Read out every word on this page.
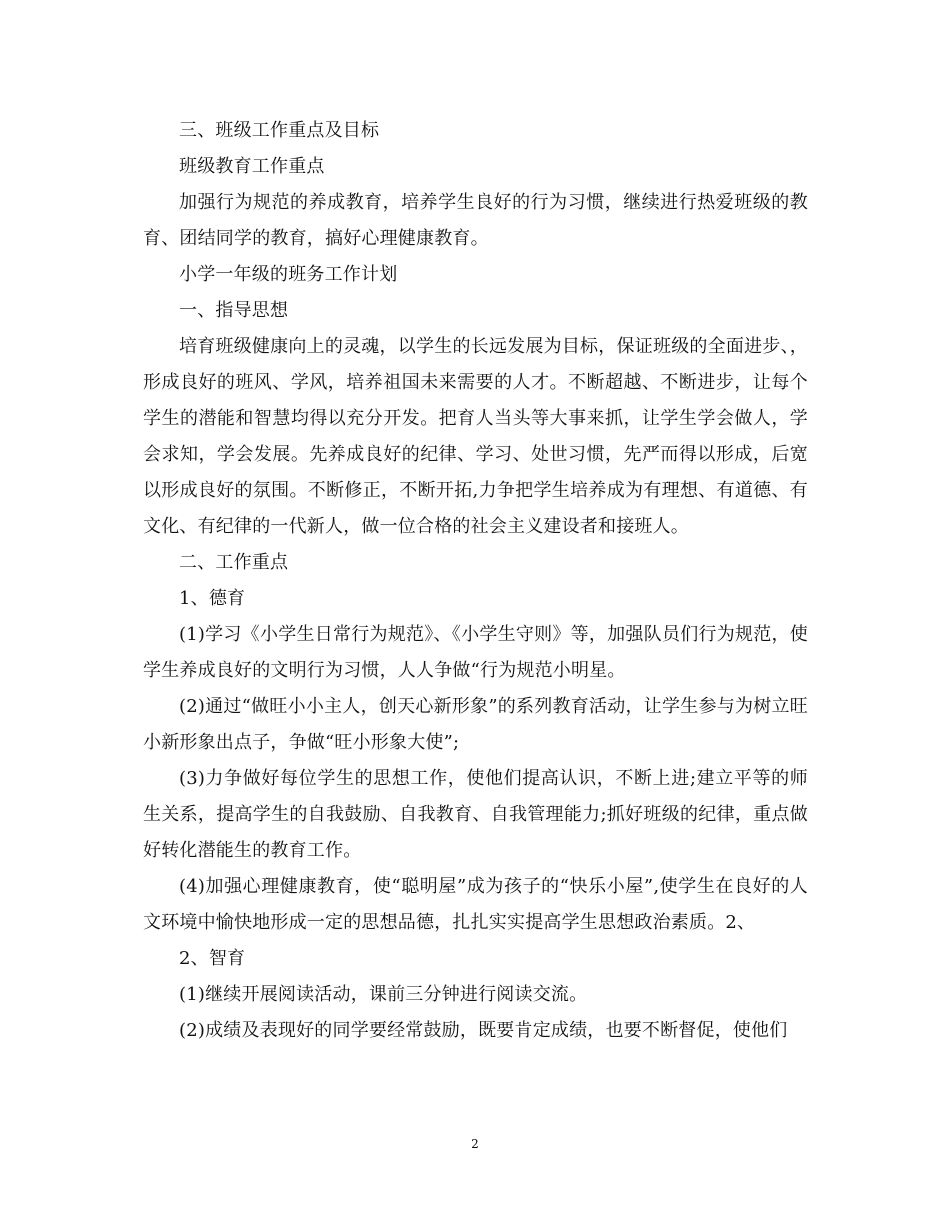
三、班级工作重点及目标

班级教育工作重点

加强行为规范的养成教育，培养学生良好的行为习惯，继续进行热爱班级的教育、团结同学的教育，搞好心理健康教育。

小学一年级的班务工作计划

一、指导思想

培育班级健康向上的灵魂，以学生的长远发展为目标，保证班级的全面进步、，形成良好的班风、学风，培养祖国未来需要的人才。不断超越、不断进步，让每个学生的潜能和智慧均得以充分开发。把育人当头等大事来抓，让学生学会做人，学会求知，学会发展。先养成良好的纪律、学习、处世习惯，先严而得以形成，后宽以形成良好的氛围。不断修正，不断开拓,力争把学生培养成为有理想、有道德、有文化、有纪律的一代新人，做一位合格的社会主义建设者和接班人。

二、工作重点

1、德育

(1)学习《小学生日常行为规范》、《小学生守则》等，加强队员们行为规范，使学生养成良好的文明行为习惯，人人争做“行为规范小明星。

(2)通过“做旺小小主人，创天心新形象”的系列教育活动，让学生参与为树立旺小新形象出点子，争做“旺小形象大使”;

(3)力争做好每位学生的思想工作，使他们提高认识，不断上进;建立平等的师生关系，提高学生的自我鼓励、自我教育、自我管理能力;抓好班级的纪律，重点做好转化潜能生的教育工作。

(4)加强心理健康教育，使“聪明屋”成为孩子的“快乐小屋”,使学生在良好的人文环境中愉快地形成一定的思想品德，扎扎实实提高学生思想政治素质。2、

2、智育

(1)继续开展阅读活动，课前三分钟进行阅读交流。

(2)成绩及表现好的同学要经常鼓励，既要肯定成绩，也要不断督促，使他们

2
